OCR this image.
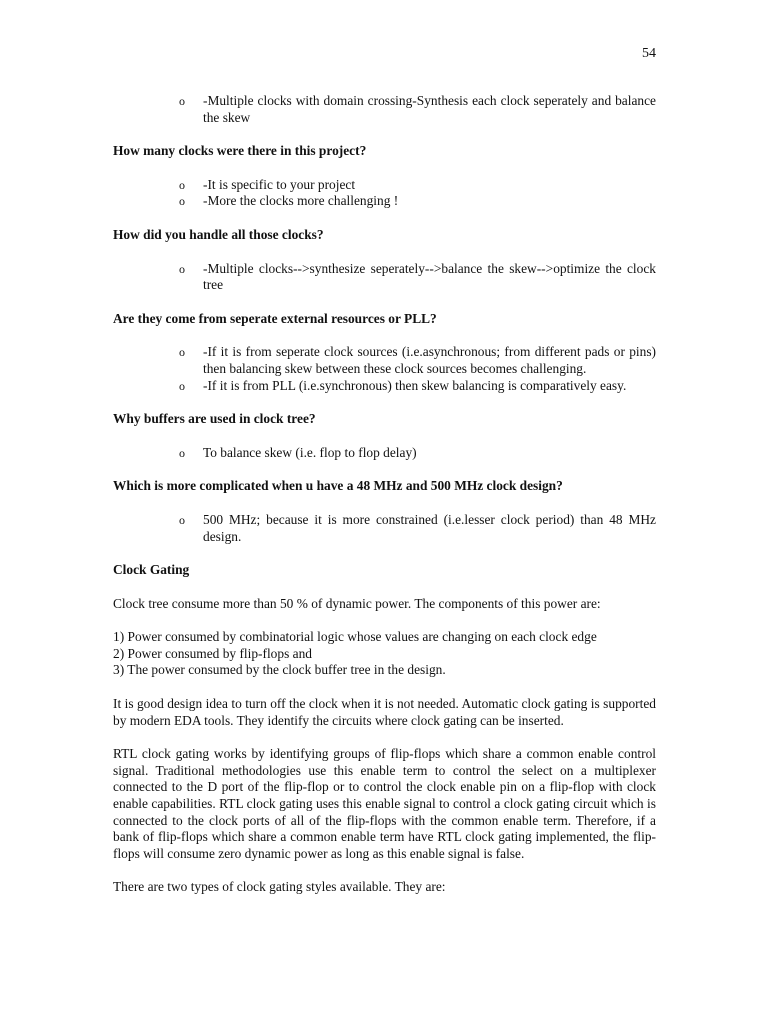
54
o -Multiple clocks with domain crossing-Synthesis each clock seperately and balance the skew

How many clocks were there in this project?

o -It is specific to your project
o -More the clocks more challenging !

How did you handle all those clocks?

o -Multiple clocks-->synthesize seperately-->balance the skew-->optimize the clock tree

Are they come from seperate external resources or PLL?

o -If it is from seperate clock sources (i.e.asynchronous; from different pads or pins) then balancing skew between these clock sources becomes challenging.
o -If it is from PLL (i.e.synchronous) then skew balancing is comparatively easy.

Why buffers are used in clock tree?

o To balance skew (i.e. flop to flop delay)

Which is more complicated when u have a 48 MHz and 500 MHz clock design?

o 500 MHz; because it is more constrained (i.e.lesser clock period) than 48 MHz design.

Clock Gating

Clock tree consume more than 50 % of dynamic power. The components of this power are:

1) Power consumed by combinatorial logic whose values are changing on each clock edge

2) Power consumed by flip-flops and

3) The power consumed by the clock buffer tree in the design.

It is good design idea to turn off the clock when it is not needed. Automatic clock gating is supported by modern EDA tools. They identify the circuits where clock gating can be inserted.

RTL clock gating works by identifying groups of flip-flops which share a common enable control signal. Traditional methodologies use this enable term to control the select on a multiplexer connected to the D port of the flip-flop or to control the clock enable pin on a flip-flop with clock enable capabilities. RTL clock gating uses this enable signal to control a clock gating circuit which is connected to the clock ports of all of the flip-flops with the common enable term. Therefore, if a bank of flip-flops which share a common enable term have RTL clock gating implemented, the flip-flops will consume zero dynamic power as long as this enable signal is false.

There are two types of clock gating styles available. They are:
